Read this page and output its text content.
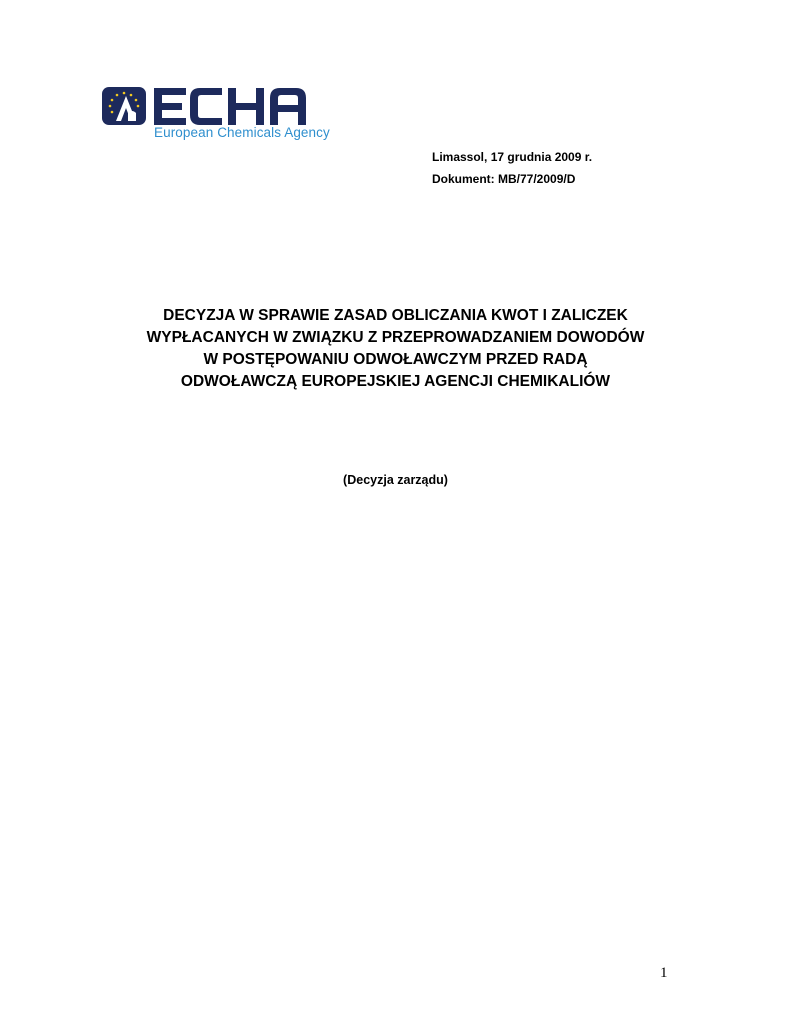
European Chemicals Agency
Limassol, 17 grudnia 2009 r.
Dokument: MB/77/2009/D
DECYZJA W SPRAWIE ZASAD OBLICZANIA KWOT I ZALICZEK
WYPŁACANYCH W ZWIĄZKU Z PRZEPROWADZANIEM DOWODÓW
W POSTĘPOWANIU ODWOŁAWCZYM PRZED RADĄ
ODWOŁAWCZĄ EUROPEJSKIEJ AGENCJI CHEMIKALIÓW
(Decyzja zarządu)
1
